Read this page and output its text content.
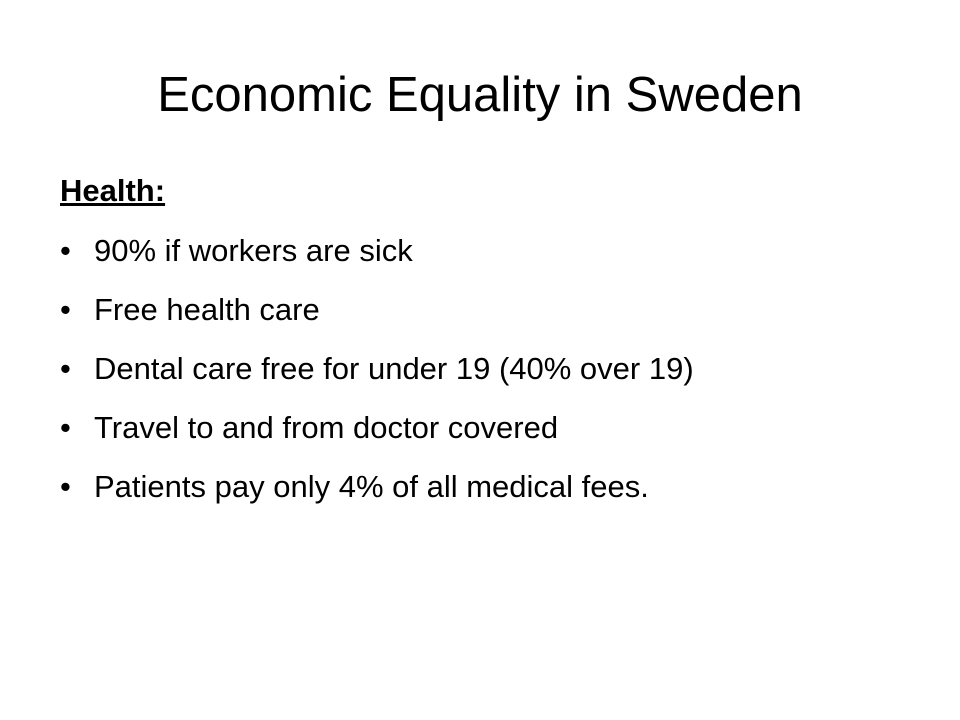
Economic Equality in Sweden
Health:
• 90% if workers are sick
• Free health care
• Dental care free for under 19 (40% over 19)
• Travel to and from doctor covered
• Patients pay only 4% of all medical fees.
